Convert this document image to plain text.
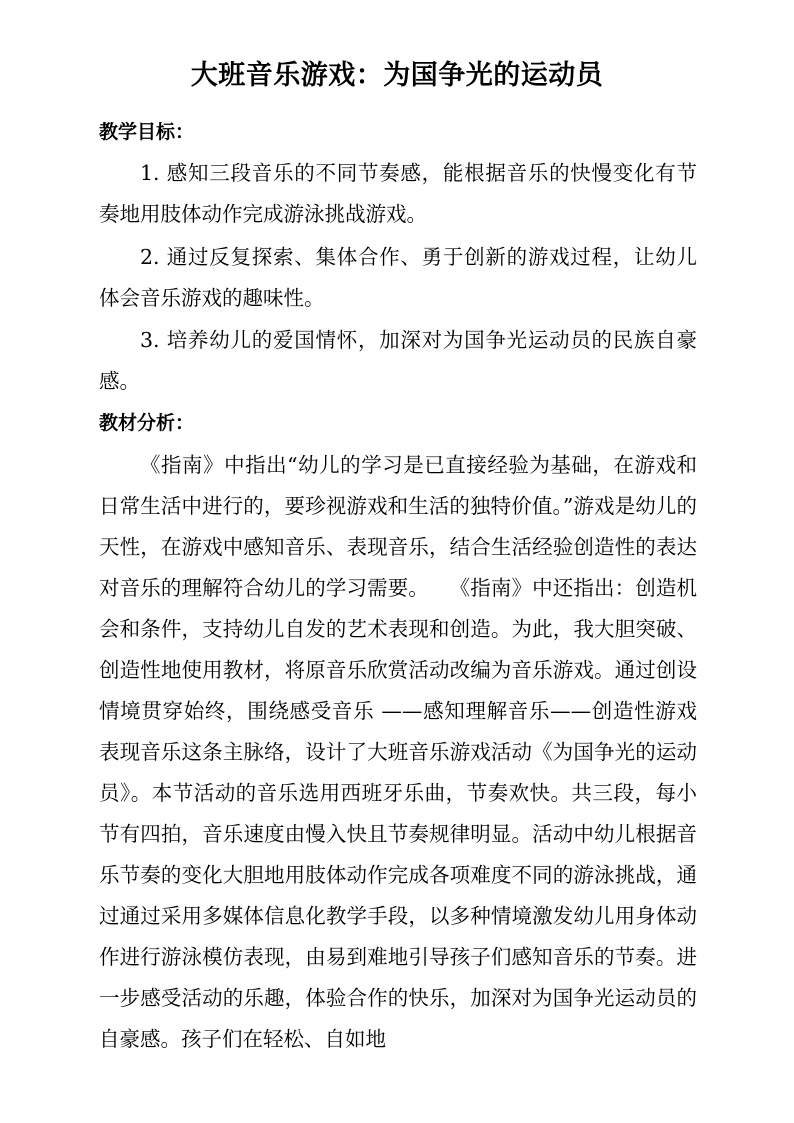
大班音乐游戏：为国争光的运动员
教学目标：

1. 感知三段音乐的不同节奏感，能根据音乐的快慢变化有节奏地用肢体动作完成游泳挑战游戏。

2. 通过反复探索、集体合作、勇于创新的游戏过程，让幼儿体会音乐游戏的趣味性。

3. 培养幼儿的爱国情怀，加深对为国争光运动员的民族自豪感。

教材分析：

《指南》中指出“幼儿的学习是已直接经验为基础，在游戏和日常生活中进行的，要珍视游戏和生活的独特价值。”游戏是幼儿的天性，在游戏中感知音乐、表现音乐，结合生活经验创造性的表达对音乐的理解符合幼儿的学习需要。　　《指南》中还指出：创造机会和条件，支持幼儿自发的艺术表现和创造。为此，我大胆突破、创造性地使用教材，将原音乐欣赏活动改编为音乐游戏。通过创设情境贯穿始终，围绕感受音乐 ——感知理解音乐——创造性游戏表现音乐这条主脉络，设计了大班音乐游戏活动《为国争光的运动员》。本节活动的音乐选用西班牙乐曲，节奏欢快。共三段，每小节有四拍，音乐速度由慢入快且节奏规律明显。活动中幼儿根据音乐节奏的变化大胆地用肢体动作完成各项难度不同的游泳挑战，通过通过采用多媒体信息化教学手段，以多种情境激发幼儿用身体动作进行游泳模仿表现，由易到难地引导孩子们感知音乐的节奏。进一步感受活动的乐趣，体验合作的快乐，加深对为国争光运动员的自豪感。孩子们在轻松、自如地
